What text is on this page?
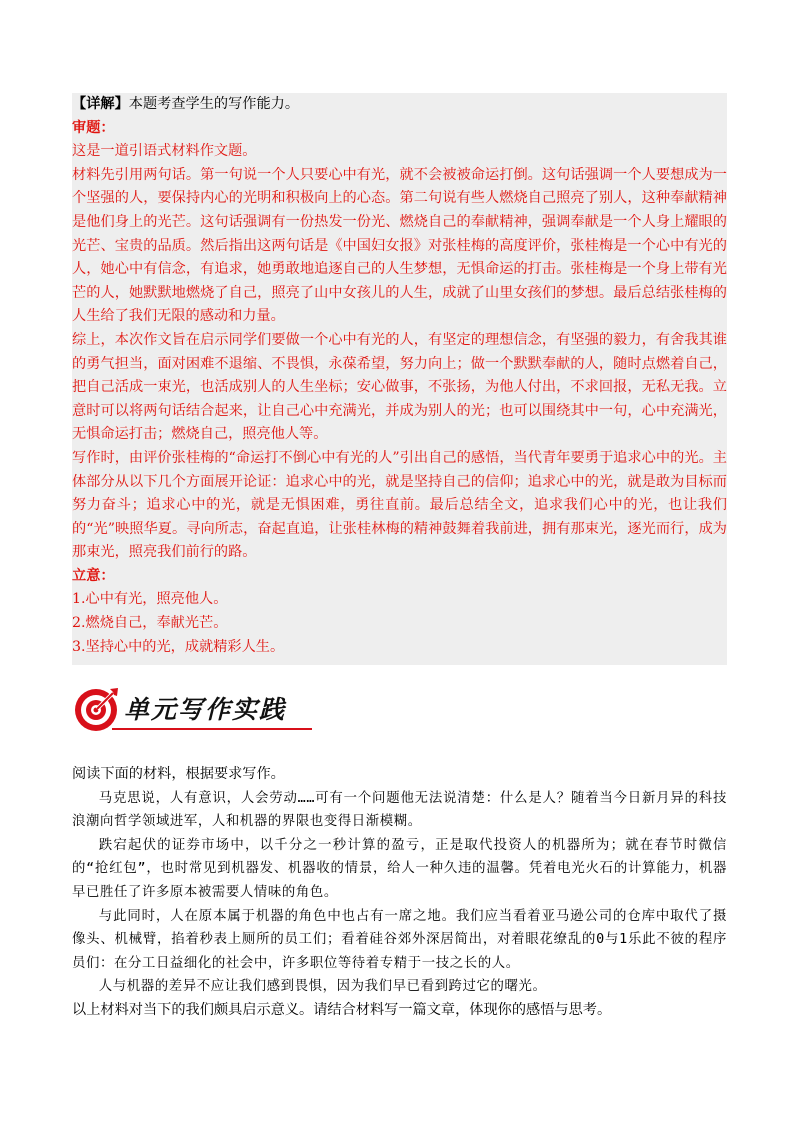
【详解】本题考查学生的写作能力。

审题：

这是一道引语式材料作文题。

材料先引用两句话。第一句说一个人只要心中有光，就不会被被命运打倒。这句话强调一个人要想成为一个坚强的人，要保持内心的光明和积极向上的心态。第二句说有些人燃烧自己照亮了别人，这种奉献精神是他们身上的光芒。这句话强调有一份热发一份光、燃烧自己的奉献精神，强调奉献是一个人身上耀眼的光芒、宝贵的品质。然后指出这两句话是《中国妇女报》对张桂梅的高度评价，张桂梅是一个心中有光的人，她心中有信念，有追求，她勇敢地追逐自己的人生梦想，无惧命运的打击。张桂梅是一个身上带有光芒的人，她默默地燃烧了自己，照亮了山中女孩儿的人生，成就了山里女孩们的梦想。最后总结张桂梅的人生给了我们无限的感动和力量。

综上，本次作文旨在启示同学们要做一个心中有光的人，有坚定的理想信念，有坚强的毅力，有舍我其谁的勇气担当，面对困难不退缩、不畏惧，永葆希望，努力向上；做一个默默奉献的人，随时点燃着自己，把自己活成一束光，也活成别人的人生坐标；安心做事，不张扬，为他人付出，不求回报，无私无我。立意时可以将两句话结合起来，让自己心中充满光，并成为别人的光；也可以围绕其中一句，心中充满光，无惧命运打击；燃烧自己，照亮他人等。

写作时，由评价张桂梅的“命运打不倒心中有光的人”引出自己的感悟，当代青年要勇于追求心中的光。主体部分从以下几个方面展开论证：追求心中的光，就是坚持自己的信仰；追求心中的光，就是敢为目标而努力奋斗；追求心中的光，就是无惧困难，勇往直前。最后总结全文，追求我们心中的光，也让我们的“光”映照华夏。寻向所志，奋起直追，让张桂林梅的精神鼓舞着我前进，拥有那束光，逐光而行，成为那束光，照亮我们前行的路。

立意：

1.心中有光，照亮他人。

2.燃烧自己，奉献光芒。

3.坚持心中的光，成就精彩人生。

单元写作实践

阅读下面的材料，根据要求写作。

马克思说，人有意识，人会劳动……可有一个问题他无法说清楚：什么是人？随着当今日新月异的科技浪潮向哲学领域进军，人和机器的界限也变得日渐模糊。

跌宕起伏的证券市场中，以千分之一秒计算的盈亏，正是取代投资人的机器所为；就在春节时微信的“抢红包”，也时常见到机器发、机器收的情景，给人一种久违的温馨。凭着电光火石的计算能力，机器早已胜任了许多原本被需要人情味的角色。

与此同时，人在原本属于机器的角色中也占有一席之地。我们应当看着亚马逊公司的仓库中取代了摄像头、机械臂，掐着秒表上厕所的员工们；看着硅谷郊外深居简出，对着眼花缭乱的0与1乐此不彼的程序员们：在分工日益细化的社会中，许多职位等待着专精于一技之长的人。

人与机器的差异不应让我们感到畏惧，因为我们早已看到跨过它的曙光。

以上材料对当下的我们颇具启示意义。请结合材料写一篇文章，体现你的感悟与思考。
